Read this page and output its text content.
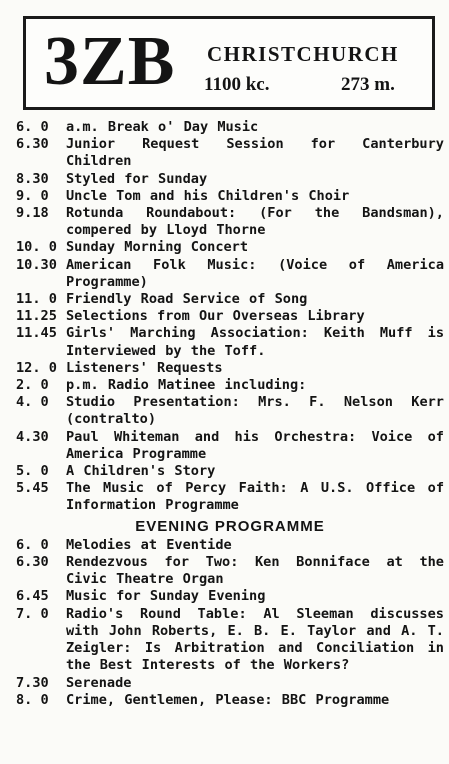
3ZB CHRISTCHURCH
1100 kc.	273 m.
6. 0	a.m. Break o' Day Music
6.30	Junior Request Session for Canterbury Children
8.30	Styled for Sunday
9. 0	Uncle Tom and his Children's Choir
9.18	Rotunda Roundabout: (For the Bandsman), compered by Lloyd Thorne
10. 0 Sunday Morning Concert
10.30 American Folk Music: (Voice of America Programme)
11. 0 Friendly Road Service of Song
11.25 Selections from Our Overseas Library
11.45 Girls' Marching Association: Keith Muff is Interviewed by the Toff.
12. 0 Listeners' Requests
2. 0	p.m. Radio Matinee including:
4. 0	Studio Presentation: Mrs. F. Nelson Kerr (contralto)
4.30	Paul Whiteman and his Orchestra: Voice of America Programme
5. 0	A Children's Story
5.45	The Music of Percy Faith: A U.S. Office of Information Programme
EVENING PROGRAMME
6. 0	Melodies at Eventide
6.30	Rendezvous for Two: Ken Bonniface at the Civic Theatre Organ
6.45	Music for Sunday Evening
7. 0	Radio's Round Table: Al Sleeman discusses with John Roberts, E. B. E. Taylor and A. T. Zeigler: Is Arbitration and Conciliation in the Best Interests of the Workers?
7.30	Serenade
8. 0	Crime, Gentlemen, Please: BBC Programme
